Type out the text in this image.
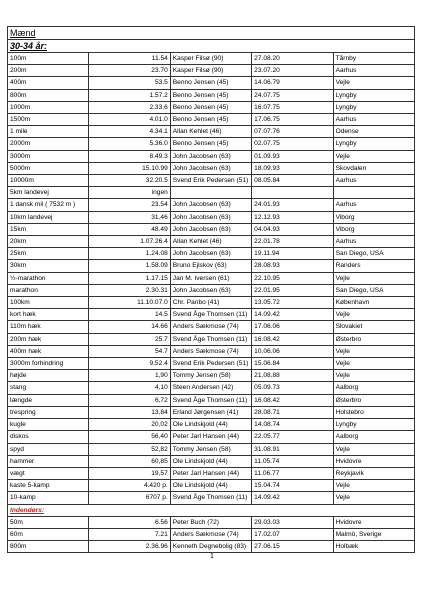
Mænd				
30-34 år:				
100m	11.54	Kasper Filsø (90)	27.08.20	Tårnby
200m	23.70	Kasper Filsø (90)	23.07.20	Aarhus
400m	53.5	Benno Jensen (45)	14.06.79	Vejle
800m	1.57.2	Benno Jensen (45)	24.07.75	Lyngby
1000m	2.33.6	Benno Jensen (45)	16.07.75	Lyngby
1500m	4.01.0	Benno Jensen (45)	17.06.75	Aarhus
1 mile	4.34.1	Allan Kehlet (46)	07.07.76	Odense
2000m	5.36.0	Benno Jensen (45)	02.07.75	Lyngby
3000m	8.49.3	John Jacobsen (63)	01.09.93	Vejle
5000m	15.10.99	John Jacobsen (63)	18.09.93	Skovdalen
10000m	32.20.5	Svend Erik Pedersen (51)	08.05.84	Aarhus
5km landevej	ingen			
1 dansk mil ( 7532 m )	23.54	John Jacobsen (63)	24.01.93	Aarhus
10km landevej	31.46	John Jacobsen (63)	12.12.93	Viborg
15km	48.49	John Jacobsen (63)	04.04.93	Viborg
20km	1.07.26.4	Allan Kehlet (46)	22.01.78	Aarhus
25km	1.24.08	John Jacobsen (63)	19.11.94	San Diego, USA
30km	1.58.09	Bruno Ejlskov (63)	28.08.93	Randers
½-marathon	1.17.15	Jan M. Iversen (61)	22.10.95	Vejle
marathon	2.30.31	John Jacobsen (63)	22.01.95	San Diego, USA
100km	11.10.07.0	Chr. Panbo (41)	13.05.72	København
kort hæk	14.5	Svend Åge Thomsen (11)	14.09.42	Vejle
110m hæk	14.66	Anders Sækmose (74)	17.06.06	Slovakiet
200m hæk	25.7	Svend Åge Thomsen (11)	16.08.42	Østerbro
400m hæk	54.7	Anders Sækmose (74)	10.06.06	Vejle
3000m forhindring	9.52.4	Svend Erik Pedersen (51)	15.06.84	Vejle
højde	1,90	Tommy Jensen (58)	21.08.88	Vejle
stang	4,10	Steen Andersen (42)	05.09.73	Aalborg
længde	6,72	Svend Åge Thomsen (11)	16.08.42	Østerbro
trespring	13,84	Erland Jørgensen (41)	28.08.71	Holstebro
kugle	20,02	Ole Lindskjold (44)	14.08.74	Lyngby
diskos	56,40	Peter Jarl Hansen (44)	22.05.77	Aalborg
spyd	52,82	Tommy Jensen (58)	31.08.91	Vejle
hammer	60,85	Ole Lindskjold (44)	11.05.74	Hvidovre
vægt	19,57	Peter Jarl Hansen (44)	11.06.77	Reykjavik
kaste 5-kamp	4.420 p.	Ole Lindskjold (44)	15.04.74	Vejle
10-kamp	6707 p.	Svend Åge Thomsen (11)	14.09.42	Vejle
Indendørs:				
50m	6.56	Peter Buch (72)	29.03.03	Hvidovre
60m	7.21	Anders Sækmose (74)	17.02.07	Malmö, Sverige
800m	2.36.96	Kenneth Degnebolig (83)	27.06.15	Holbæk
1
